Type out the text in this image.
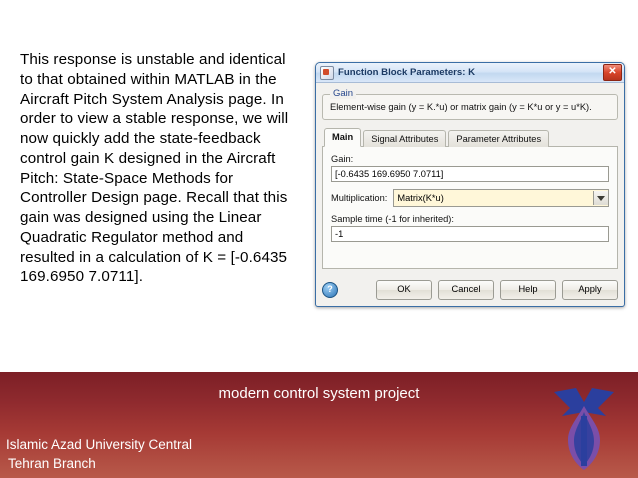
This response is unstable and identical to that obtained within MATLAB in the Aircraft Pitch System Analysis page. In order to view a stable response, we will now quickly add the state-feedback control gain K designed in the Aircraft Pitch: State-Space Methods for Controller Design page. Recall that this gain was designed using the Linear Quadratic Regulator method and resulted in a calculation of K = [-0.6435 169.6950 7.0711].
Function Block Parameters: K	✕
Gain
Element-wise gain (y = K.*u) or matrix gain (y = K*u or y = u*K).
Main	Signal Attributes	Parameter Attributes
Gain:
[-0.6435 169.6950 7.0711]
Multiplication:	Matrix(K*u)
Sample time (-1 for inherited):
-1
?	OK	Cancel	Help	Apply
modern control system project
Islamic Azad University Central
Tehran Branch
